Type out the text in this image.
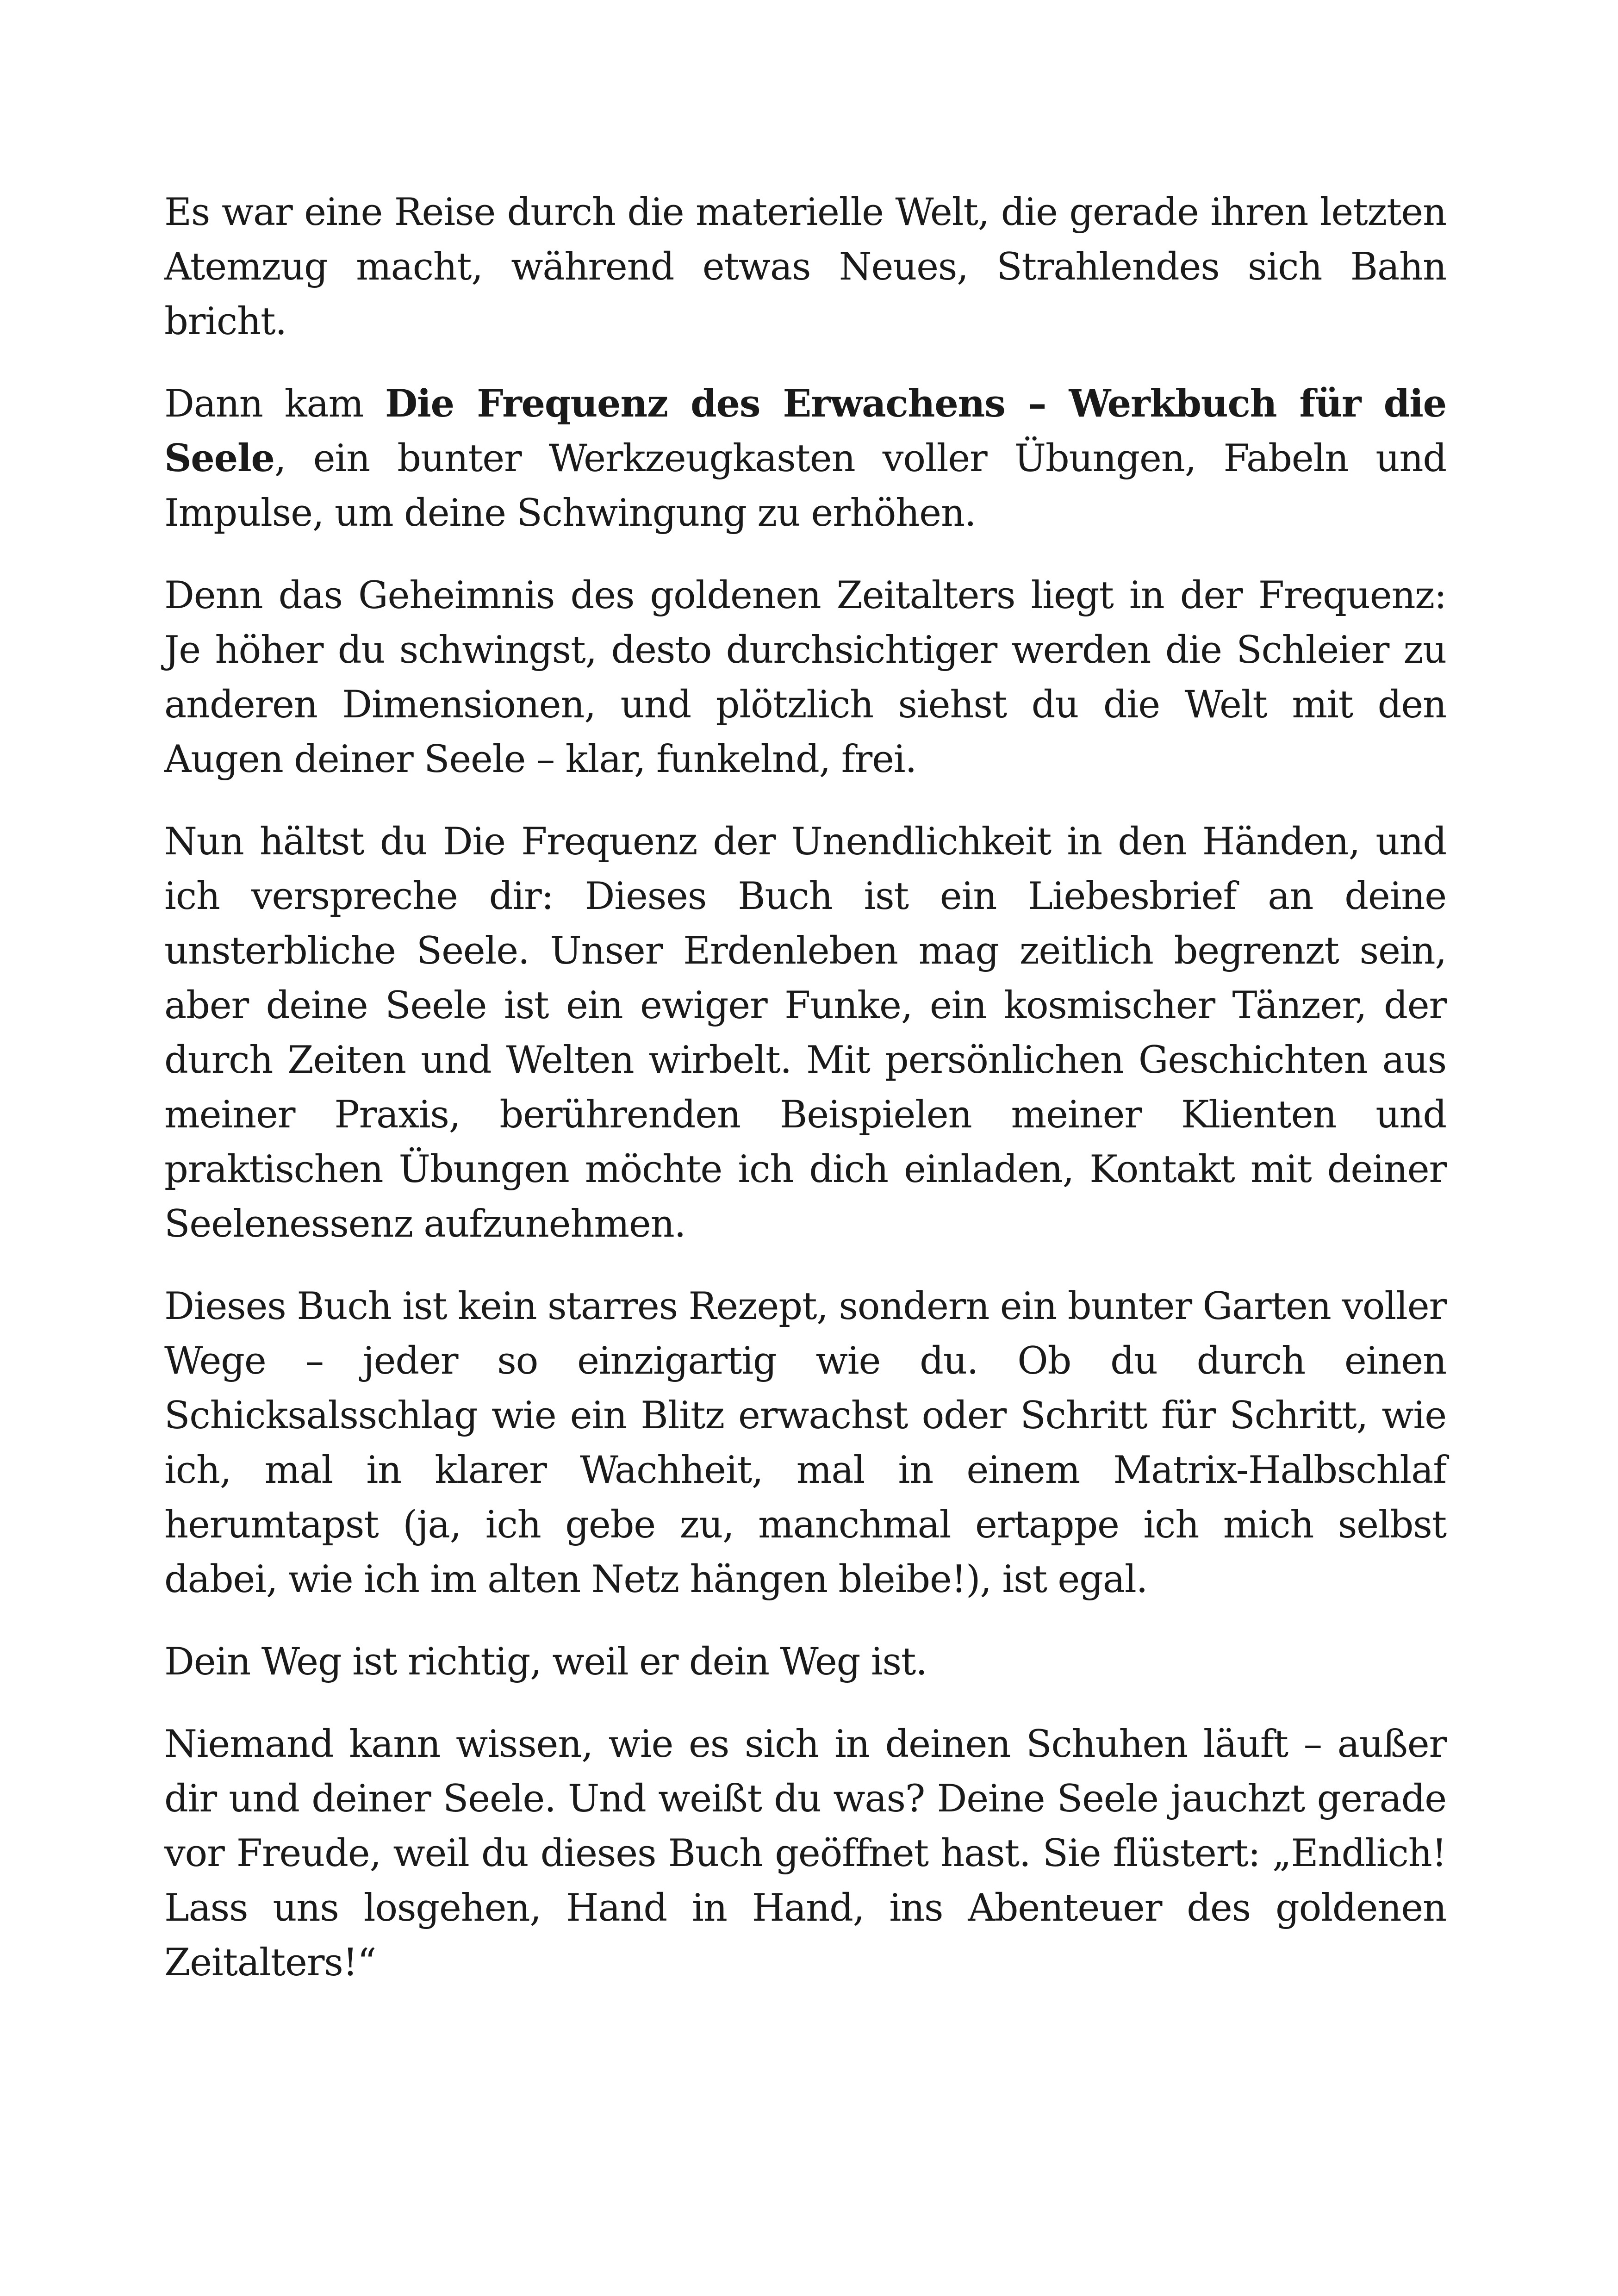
Es war eine Reise durch die materielle Welt, die gerade ihren letzten Atemzug macht, während etwas Neues, Strahlendes sich Bahn bricht.

Dann kam Die Frequenz des Erwachens – Werkbuch für die Seele, ein bunter Werkzeugkasten voller Übungen, Fabeln und Impulse, um deine Schwingung zu erhöhen.

Denn das Geheimnis des goldenen Zeitalters liegt in der Frequenz: Je höher du schwingst, desto durchsichtiger werden die Schleier zu anderen Dimensionen, und plötzlich siehst du die Welt mit den Augen deiner Seele – klar, funkelnd, frei.

Nun hältst du Die Frequenz der Unendlichkeit in den Händen, und ich verspreche dir: Dieses Buch ist ein Liebesbrief an deine unsterbliche Seele. Unser Erdenleben mag zeitlich begrenzt sein, aber deine Seele ist ein ewiger Funke, ein kosmischer Tänzer, der durch Zeiten und Welten wirbelt. Mit persönlichen Geschichten aus meiner Praxis, berührenden Beispielen meiner Klienten und praktischen Übungen möchte ich dich einladen, Kontakt mit deiner Seelenessenz aufzunehmen.

Dieses Buch ist kein starres Rezept, sondern ein bunter Garten voller Wege – jeder so einzigartig wie du. Ob du durch einen Schicksalsschlag wie ein Blitz erwachst oder Schritt für Schritt, wie ich, mal in klarer Wachheit, mal in einem Matrix-Halbschlaf herumtapst (ja, ich gebe zu, manchmal ertappe ich mich selbst dabei, wie ich im alten Netz hängen bleibe!), ist egal.

Dein Weg ist richtig, weil er dein Weg ist.

Niemand kann wissen, wie es sich in deinen Schuhen läuft – außer dir und deiner Seele. Und weißt du was? Deine Seele jauchzt gerade vor Freude, weil du dieses Buch geöffnet hast. Sie flüstert: „Endlich! Lass uns losgehen, Hand in Hand, ins Abenteuer des goldenen Zeitalters!“
